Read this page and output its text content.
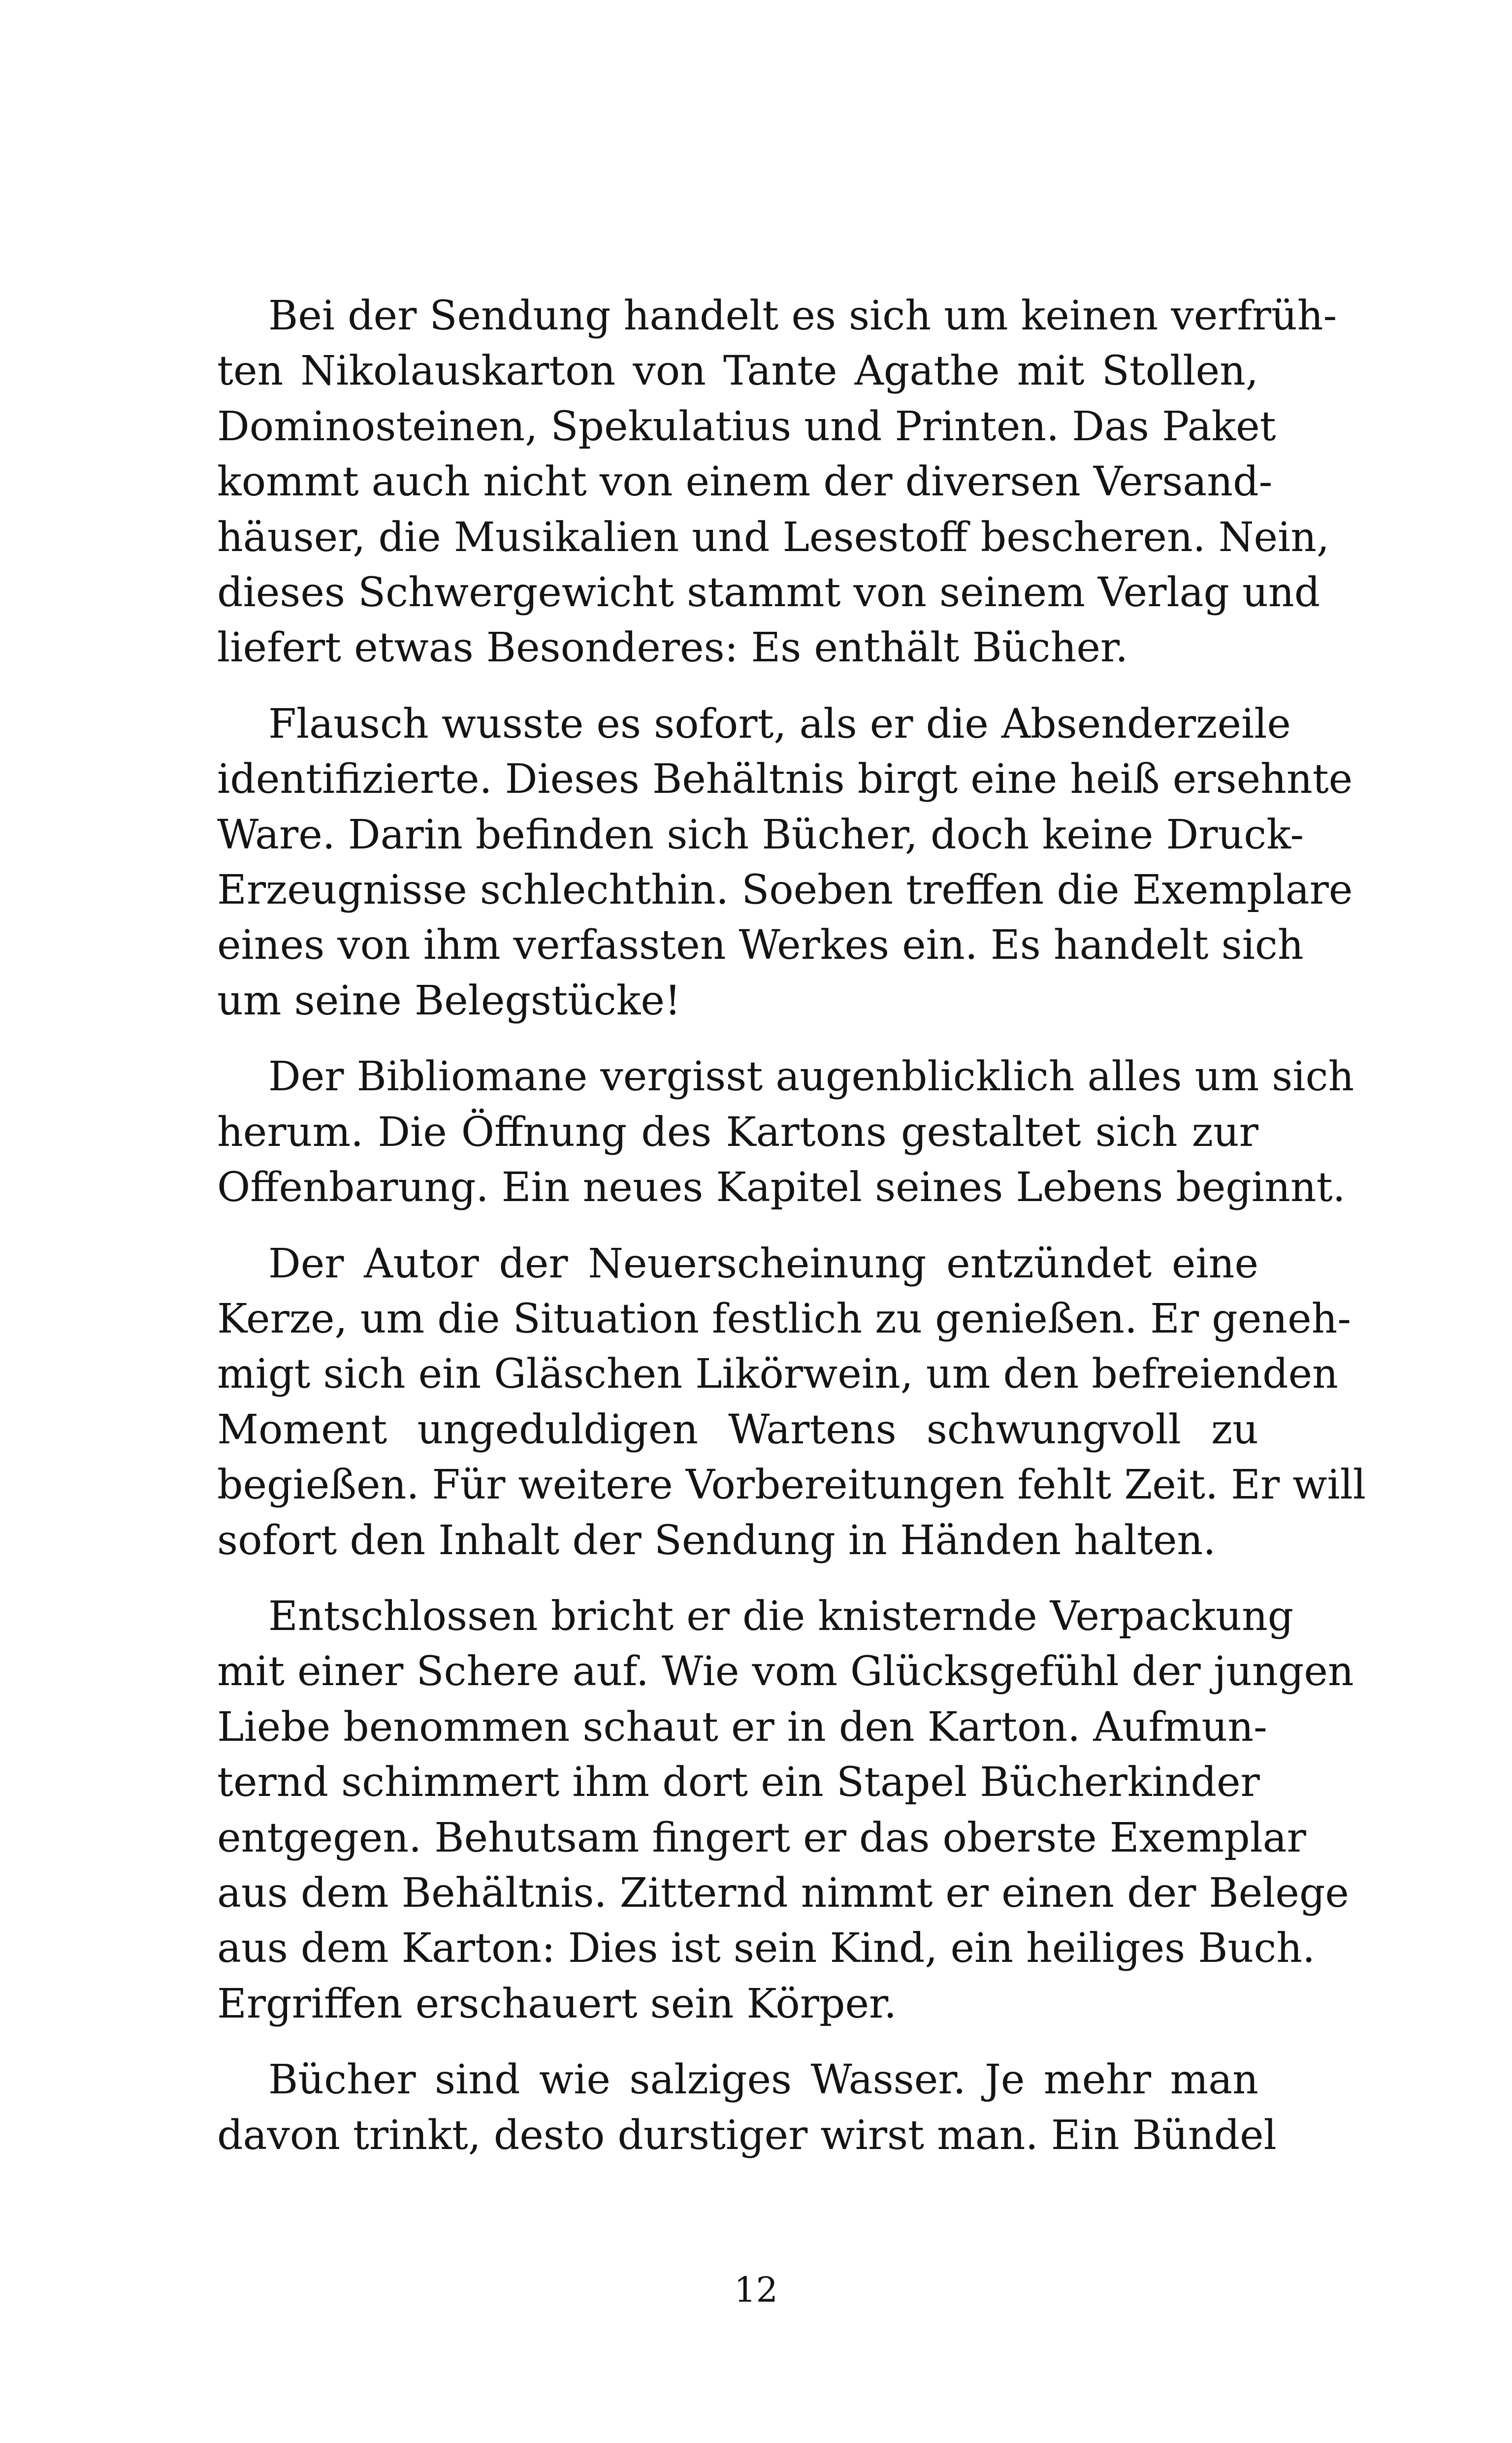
Bei der Sendung handelt es sich um keinen verfrüh-
ten Nikolauskarton von Tante Agathe mit Stollen,
Dominosteinen, Spekulatius und Printen. Das Paket
kommt auch nicht von einem der diversen Versand-
häuser, die Musikalien und Lesestoff bescheren. Nein,
dieses Schwergewicht stammt von seinem Verlag und
liefert etwas Besonderes: Es enthält Bücher.

Flausch wusste es sofort, als er die Absenderzeile
identifizierte. Dieses Behältnis birgt eine heiß ersehnte
Ware. Darin befinden sich Bücher, doch keine Druck-
Erzeugnisse schlechthin. Soeben treffen die Exemplare
eines von ihm verfassten Werkes ein. Es handelt sich
um seine Belegstücke!

Der Bibliomane vergisst augenblicklich alles um sich
herum. Die Öffnung des Kartons gestaltet sich zur
Offenbarung. Ein neues Kapitel seines Lebens beginnt.

Der Autor der Neuerscheinung entzündet eine
Kerze, um die Situation festlich zu genießen. Er geneh-
migt sich ein Gläschen Likörwein, um den befreienden
Moment ungeduldigen Wartens schwungvoll zu
begießen. Für weitere Vorbereitungen fehlt Zeit. Er will
sofort den Inhalt der Sendung in Händen halten.

Entschlossen bricht er die knisternde Verpackung
mit einer Schere auf. Wie vom Glücksgefühl der jungen
Liebe benommen schaut er in den Karton. Aufmun-
ternd schimmert ihm dort ein Stapel Bücherkinder
entgegen. Behutsam fingert er das oberste Exemplar
aus dem Behältnis. Zitternd nimmt er einen der Belege
aus dem Karton: Dies ist sein Kind, ein heiliges Buch.
Ergriffen erschauert sein Körper.

Bücher sind wie salziges Wasser. Je mehr man
davon trinkt, desto durstiger wirst man. Ein Bündel

12
